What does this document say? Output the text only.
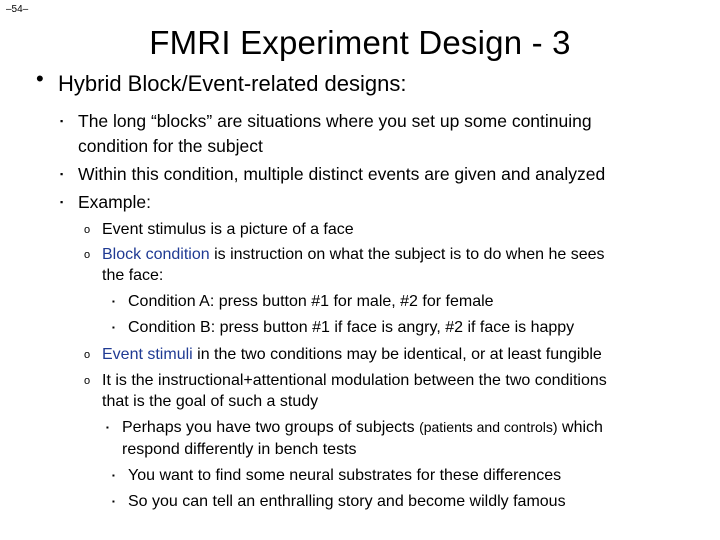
–54–
FMRI Experiment Design - 3
• Hybrid Block/Event-related designs:
▪ The long “blocks” are situations where you set up some continuing
condition for the subject
▪ Within this condition, multiple distinct events are given and analyzed
▪ Example:
o Event stimulus is a picture of a face
o Block condition is instruction on what the subject is to do when he sees
the face:
▪ Condition A: press button #1 for male, #2 for female
▪ Condition B: press button #1 if face is angry, #2 if face is happy
o Event stimuli in the two conditions may be identical, or at least fungible
o It is the instructional+attentional modulation between the two conditions
that is the goal of such a study
▪ Perhaps you have two groups of subjects (patients and controls) which
respond differently in bench tests
▪ You want to find some neural substrates for these differences
▪ So you can tell an enthralling story and become wildly famous
